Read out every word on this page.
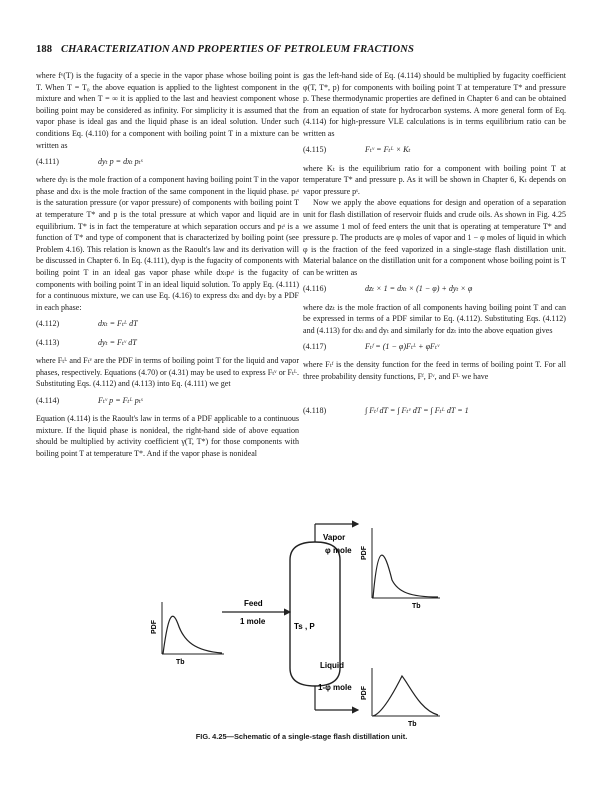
188 CHARACTERIZATION AND PROPERTIES OF PETROLEUM FRACTIONS

where fᵛ(T) is the fugacity of a specie in the vapor phase whose boiling point is T. When T = T₀ the above equation is applied to the lightest component in the mixture and when T = ∞ it is applied to the last and heaviest component whose boiling point may be considered as infinity. For simplicity it is assumed that the vapor phase is ideal gas and the liquid phase is an ideal solution. Under such conditions Eq. (4.110) for a component with boiling point T in a mixture can be written as

(4.111)	dyₜ p = dxₜ pₜˢ

where dyₜ is the mole fraction of a component having boiling point T in the vapor phase and dxₜ is the mole fraction of the same component in the liquid phase. pₜˢ is the saturation pressure (or vapor pressure) of components with boiling point T at temperature T* and p is the total pressure at which vapor and liquid are in equilibrium. T* is in fact the temperature at which separation occurs and pₜˢ is a function of T* and type of component that is characterized by boiling point (see Problem 4.16). This relation is known as the Raoult's law and its derivation will be discussed in Chapter 6. In Eq. (4.111), dyₜp is the fugacity of components with boiling point T in an ideal gas vapor phase while dxₜpₜˢ is the fugacity of components with boiling point T in an ideal liquid solution. To apply Eq. (4.111) for a continuous mixture, we can use Eq. (4.16) to express dxₜ and dyₜ by a PDF in each phase:

(4.112)	dxₜ = Fₜᴸ dT
(4.113)	dyₜ = Fₜᵛ dT

where Fₜᴸ and Fₜᵛ are the PDF in terms of boiling point T for the liquid and vapor phases, respectively. Equations (4.70) or (4.31) may be used to express Fₜᵛ or Fₜᴸ. Substituting Eqs. (4.112) and (4.113) into Eq. (4.111) we get

(4.114)	Fₜᵛ p = Fₜᴸ pₜˢ

Equation (4.114) is the Raoult's law in terms of a PDF applicable to a continuous mixture. If the liquid phase is nonideal, the right-hand side of above equation should be multiplied by activity coefficient γ(T, T*) for those components with boiling point T at temperature T*. And if the vapor phase is nonideal

gas the left-hand side of Eq. (4.114) should be multiplied by fugacity coefficient φ(T, T*, p) for components with boiling point T at temperature T* and pressure p. These thermodynamic properties are defined in Chapter 6 and can be obtained from an equation of state for hydrocarbon systems. A more general form of Eq. (4.114) for high-pressure VLE calculations is in terms equilibrium ratio can be written as

(4.115)	Fₜᵛ = Fₜᴸ × Kₜ

where Kₜ is the equilibrium ratio for a component with boiling point T at temperature T* and pressure p. As it will be shown in Chapter 6, Kₜ depends on vapor pressure pˢ.

Now we apply the above equations for design and operation of a separation unit for flash distillation of reservoir fluids and crude oils. As shown in Fig. 4.25 we assume 1 mol of feed enters the unit that is operating at temperature T* and pressure p. The products are φ moles of vapor and 1 − φ moles of liquid in which φ is the fraction of the feed vaporized in a single-stage flash distillation unit. Material balance on the distillation unit for a component whose boiling point is T can be written as

(4.116)	dzₜ × 1 = dxₜ × (1 − φ) + dyₜ × φ

where dzₜ is the mole fraction of all components having boiling point T and can be expressed in terms of a PDF similar to Eq. (4.112). Substituting Eqs. (4.112) and (4.113) for dxₜ and dyₜ and similarly for dzₜ into the above equation gives

(4.117)	Fₜᶠ = (1 − φ)Fₜᴸ + φFₜᵛ

where Fₜᶠ is the density function for the feed in terms of boiling point T. For all three probability density functions, Fᶠ, Fᵛ, and Fᴸ we have

(4.118)	∫ Fₜᶠ dT = ∫ Fₜᵛ dT = ∫ Fₜᴸ dT = 1
Ts , P
Vapor
φ mole PDF
Tb
Feed
1 mole
PDF
Tb	Liquid
1-φ mole PDF
Tb
FIG. 4.25—Schematic of a single-stage flash distillation unit.
